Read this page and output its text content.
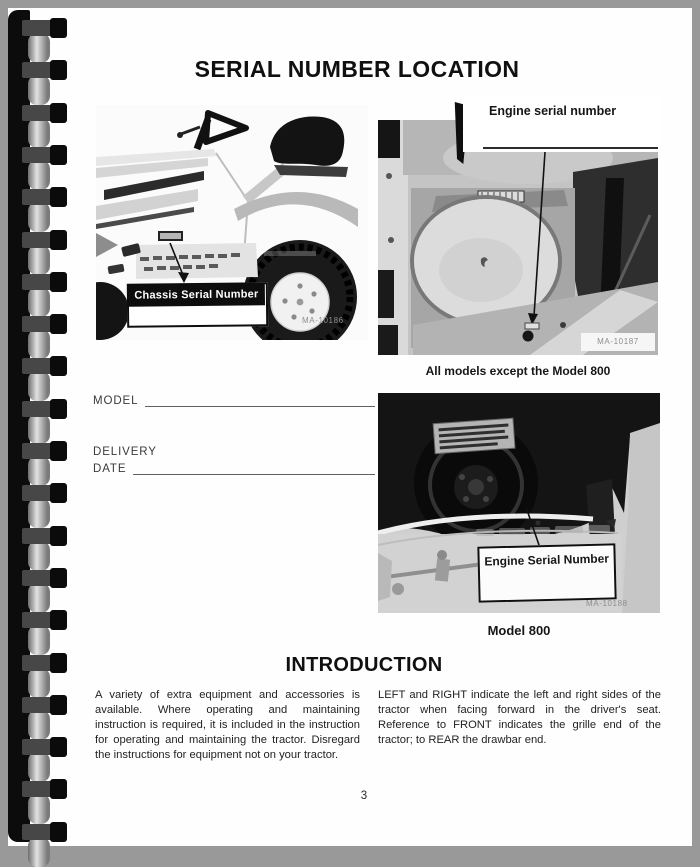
SERIAL NUMBER LOCATION
Chassis Serial Number
MA-10186
Engine serial number
MA-10187
All models except the Model 800
MODEL
DELIVERY
DATE
Engine Serial Number
MA-10188
Model 800
INTRODUCTION
A variety of extra equipment and accessories is available. Where operating and maintaining instruction is required, it is included in the instruction for operating and maintaining the tractor. Disregard the instructions for equipment not on your tractor.
LEFT and RIGHT indicate the left and right sides of the tractor when facing forward in the driver's seat. Reference to FRONT indicates the grille end of the tractor; to REAR the drawbar end.
3
